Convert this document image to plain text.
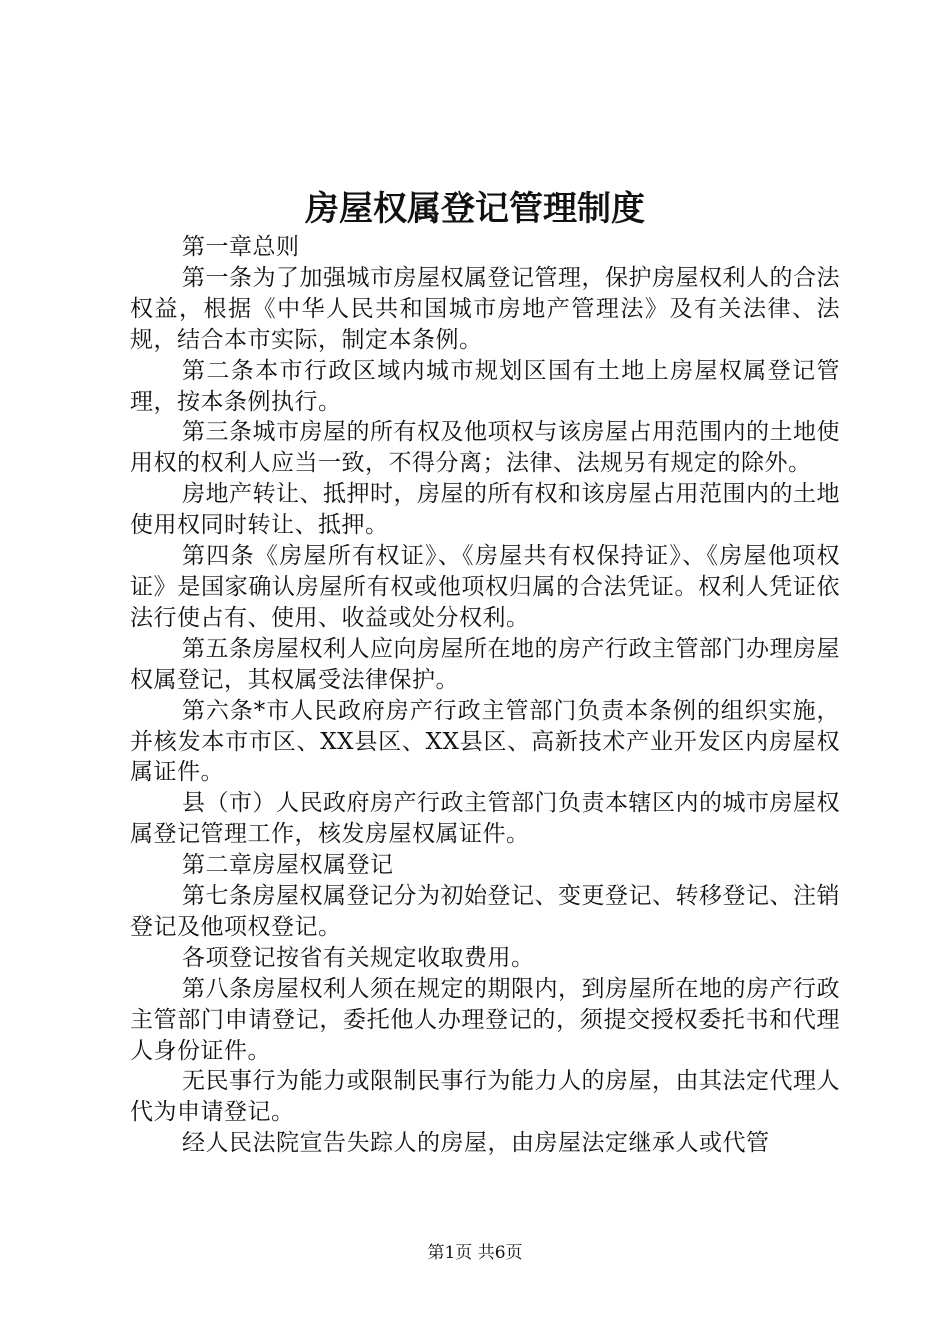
房屋权属登记管理制度

第一章总则

第一条为了加强城市房屋权属登记管理，保护房屋权利人的合法权益，根据《中华人民共和国城市房地产管理法》及有关法律、法规，结合本市实际，制定本条例。

第二条本市行政区域内城市规划区国有土地上房屋权属登记管理，按本条例执行。

第三条城市房屋的所有权及他项权与该房屋占用范围内的土地使用权的权利人应当一致，不得分离；法律、法规另有规定的除外。

房地产转让、抵押时，房屋的所有权和该房屋占用范围内的土地使用权同时转让、抵押。

第四条《房屋所有权证》、《房屋共有权保持证》、《房屋他项权证》是国家确认房屋所有权或他项权归属的合法凭证。权利人凭证依法行使占有、使用、收益或处分权利。

第五条房屋权利人应向房屋所在地的房产行政主管部门办理房屋权属登记，其权属受法律保护。

第六条*市人民政府房产行政主管部门负责本条例的组织实施，并核发本市市区、XX县区、XX县区、高新技术产业开发区内房屋权属证件。

县（市）人民政府房产行政主管部门负责本辖区内的城市房屋权属登记管理工作，核发房屋权属证件。

第二章房屋权属登记

第七条房屋权属登记分为初始登记、变更登记、转移登记、注销登记及他项权登记。

各项登记按省有关规定收取费用。

第八条房屋权利人须在规定的期限内，到房屋所在地的房产行政主管部门申请登记，委托他人办理登记的，须提交授权委托书和代理人身份证件。

无民事行为能力或限制民事行为能力人的房屋，由其法定代理人代为申请登记。

经人民法院宣告失踪人的房屋，由房屋法定继承人或代管

第1页 共6页
